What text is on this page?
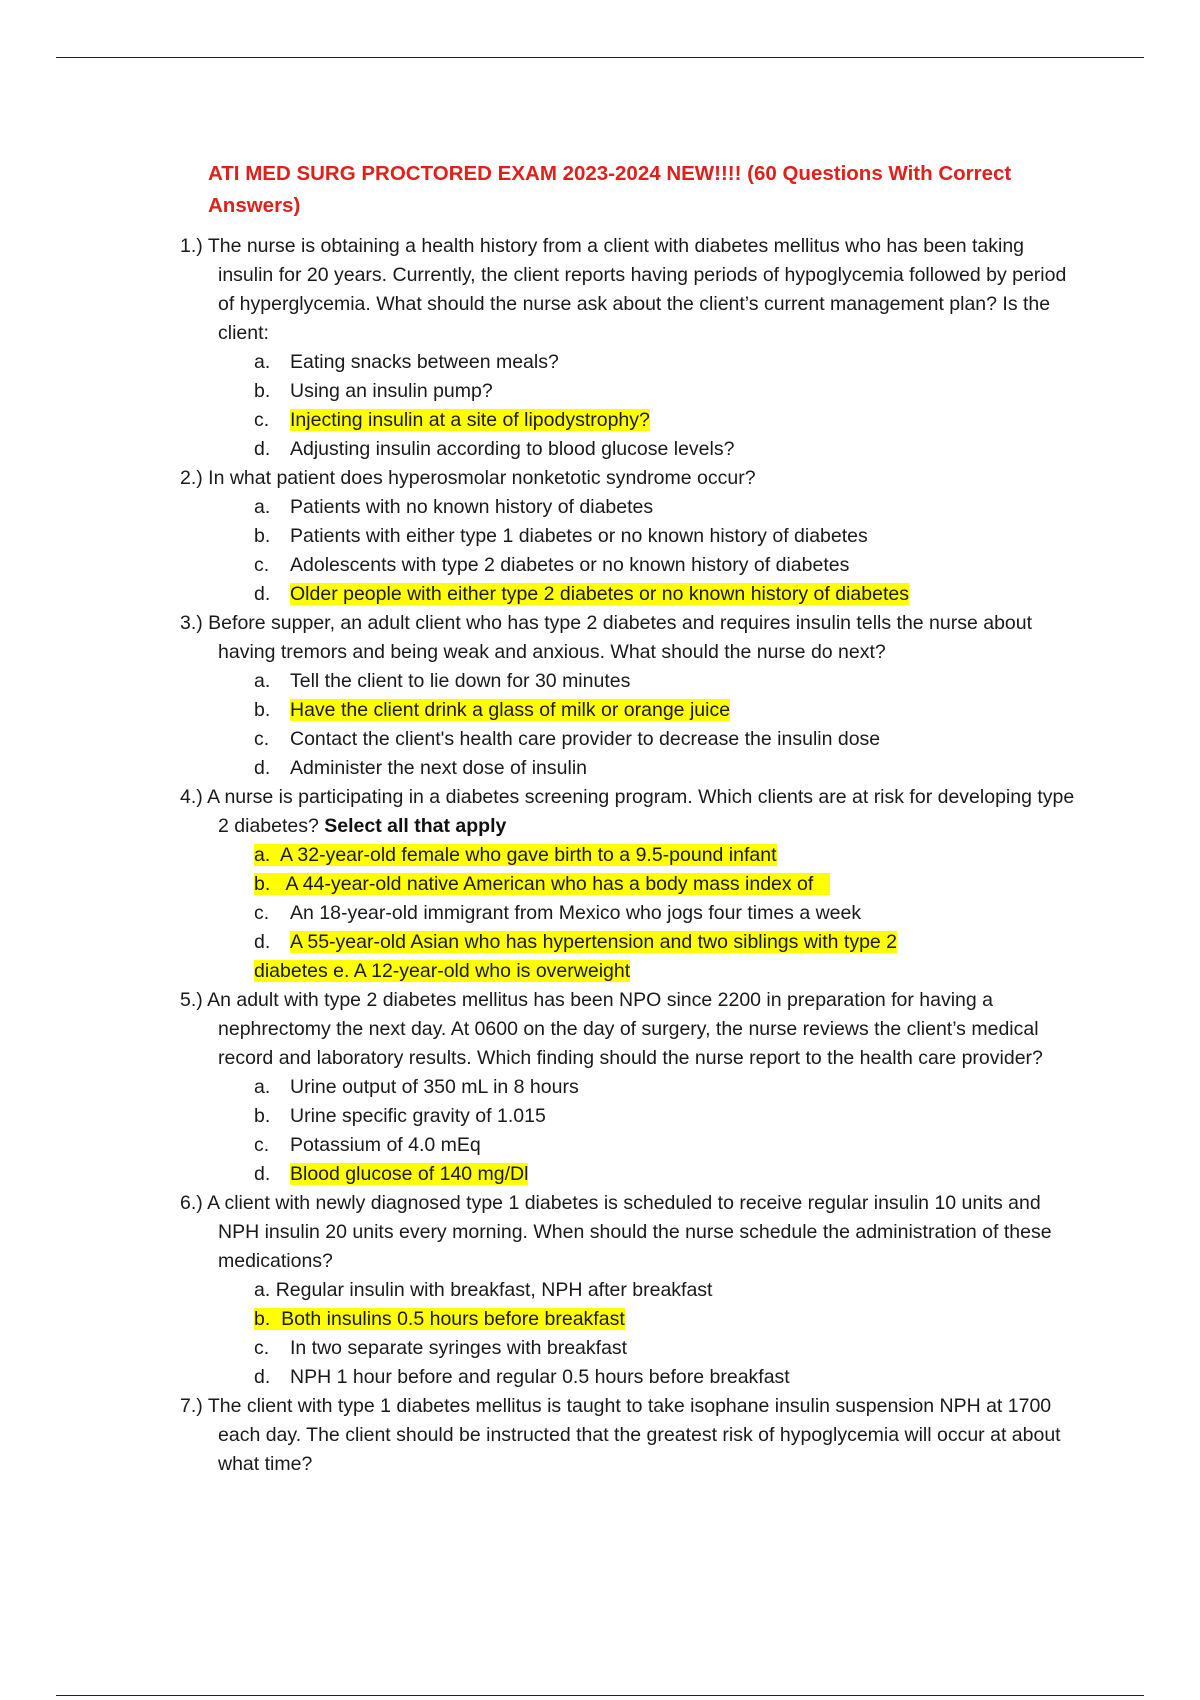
ATI MED SURG PROCTORED EXAM 2023-2024 NEW!!!! (60 Questions With Correct Answers)
1.) The nurse is obtaining a health history from a client with diabetes mellitus who has been taking insulin for 20 years. Currently, the client reports having periods of hypoglycemia followed by period of hyperglycemia. What should the nurse ask about the client’s current management plan? Is the client:
a. Eating snacks between meals?
b. Using an insulin pump?
c. Injecting insulin at a site of lipodystrophy?
d. Adjusting insulin according to blood glucose levels?
2.) In what patient does hyperosmolar nonketotic syndrome occur?
a. Patients with no known history of diabetes
b. Patients with either type 1 diabetes or no known history of diabetes
c. Adolescents with type 2 diabetes or no known history of diabetes
d. Older people with either type 2 diabetes or no known history of diabetes
3.) Before supper, an adult client who has type 2 diabetes and requires insulin tells the nurse about having tremors and being weak and anxious. What should the nurse do next?
a. Tell the client to lie down for 30 minutes
b. Have the client drink a glass of milk or orange juice
c. Contact the client's health care provider to decrease the insulin dose
d. Administer the next dose of insulin
4.) A nurse is participating in a diabetes screening program. Which clients are at risk for developing type 2 diabetes? Select all that apply
a. A 32-year-old female who gave birth to a 9.5-pound infant
b. A 44-year-old native American who has a body mass index of
c. An 18-year-old immigrant from Mexico who jogs four times a week
d. A 55-year-old Asian who has hypertension and two siblings with type 2
diabetes e. A 12-year-old who is overweight
5.) An adult with type 2 diabetes mellitus has been NPO since 2200 in preparation for having a nephrectomy the next day. At 0600 on the day of surgery, the nurse reviews the client’s medical record and laboratory results. Which finding should the nurse report to the health care provider?
a. Urine output of 350 mL in 8 hours
b. Urine specific gravity of 1.015
c. Potassium of 4.0 mEq
d. Blood glucose of 140 mg/Dl
6.) A client with newly diagnosed type 1 diabetes is scheduled to receive regular insulin 10 units and NPH insulin 20 units every morning. When should the nurse schedule the administration of these medications?
a. Regular insulin with breakfast, NPH after breakfast
b. Both insulins 0.5 hours before breakfast
c. In two separate syringes with breakfast
d. NPH 1 hour before and regular 0.5 hours before breakfast
7.) The client with type 1 diabetes mellitus is taught to take isophane insulin suspension NPH at 1700 each day. The client should be instructed that the greatest risk of hypoglycemia will occur at about what time?
